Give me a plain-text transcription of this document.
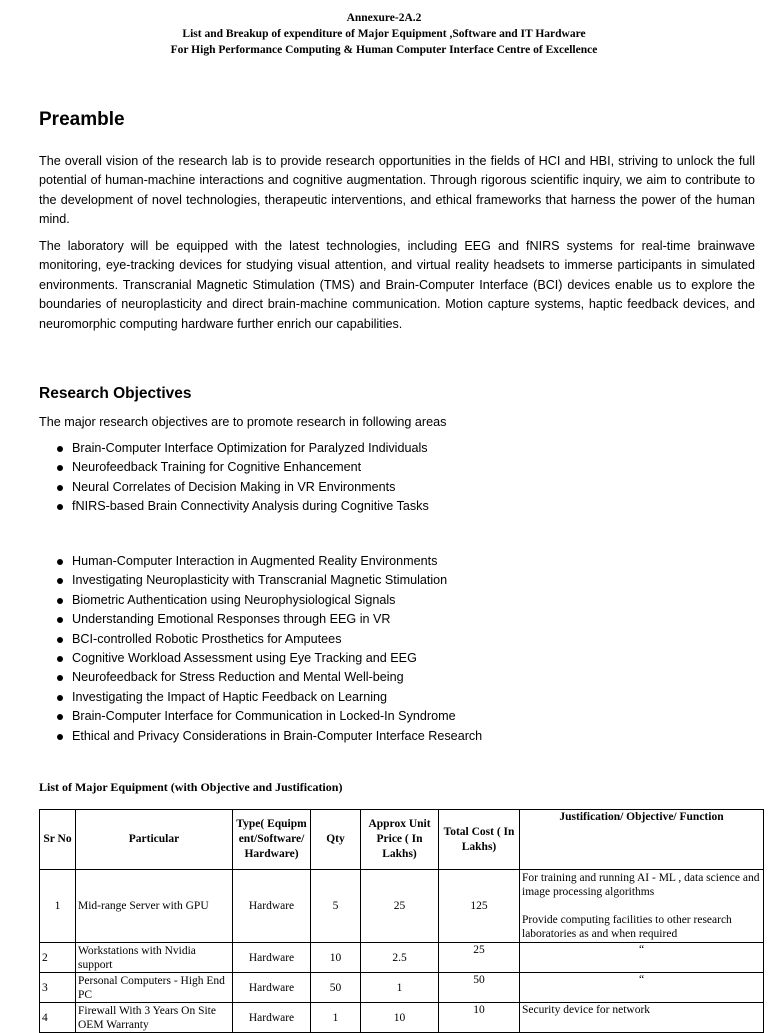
Annexure-2A.2
List and Breakup of expenditure of Major Equipment ,Software and IT Hardware
For High Performance Computing & Human Computer Interface Centre of Excellence
Preamble

The overall vision of the research lab is to provide research opportunities in the fields of HCI and HBI, striving to unlock the full potential of human-machine interactions and cognitive augmentation. Through rigorous scientific inquiry, we aim to contribute to the development of novel technologies, therapeutic interventions, and ethical frameworks that harness the power of the human mind.

The laboratory will be equipped with the latest technologies, including EEG and fNIRS systems for real-time brainwave monitoring, eye-tracking devices for studying visual attention, and virtual reality headsets to immerse participants in simulated environments. Transcranial Magnetic Stimulation (TMS) and Brain-Computer Interface (BCI) devices enable us to explore the boundaries of neuroplasticity and direct brain-machine communication. Motion capture systems, haptic feedback devices, and neuromorphic computing hardware further enrich our capabilities.

Research Objectives

The major research objectives are to promote research in following areas

Brain-Computer Interface Optimization for Paralyzed Individuals
Neurofeedback Training for Cognitive Enhancement
Neural Correlates of Decision Making in VR Environments
fNIRS-based Brain Connectivity Analysis during Cognitive Tasks
Human-Computer Interaction in Augmented Reality Environments
Investigating Neuroplasticity with Transcranial Magnetic Stimulation
Biometric Authentication using Neurophysiological Signals
Understanding Emotional Responses through EEG in VR
BCI-controlled Robotic Prosthetics for Amputees
Cognitive Workload Assessment using Eye Tracking and EEG
Neurofeedback for Stress Reduction and Mental Well-being
Investigating the Impact of Haptic Feedback on Learning
Brain-Computer Interface for Communication in Locked-In Syndrome
Ethical and Privacy Considerations in Brain-Computer Interface Research

List of Major Equipment (with Objective and Justification)

Sr No	Particular	Type( Equipment/Software/Hardware)	Qty	Approx Unit Price ( In Lakhs)	Total Cost ( In Lakhs)	Justification/ Objective/ Function
1	Mid-range Server with GPU	Hardware	5	25	125	For training and running AI - ML , data science and image processing algorithms

Provide computing facilities to other research laboratories as and when required

2	Workstations with Nvidia support	Hardware	10	2.5	25	“
3	Personal Computers - High End PC	Hardware	50	1	50	“
4	Firewall With 3 Years On Site OEM Warranty	Hardware	1	10	10	Security device for network
